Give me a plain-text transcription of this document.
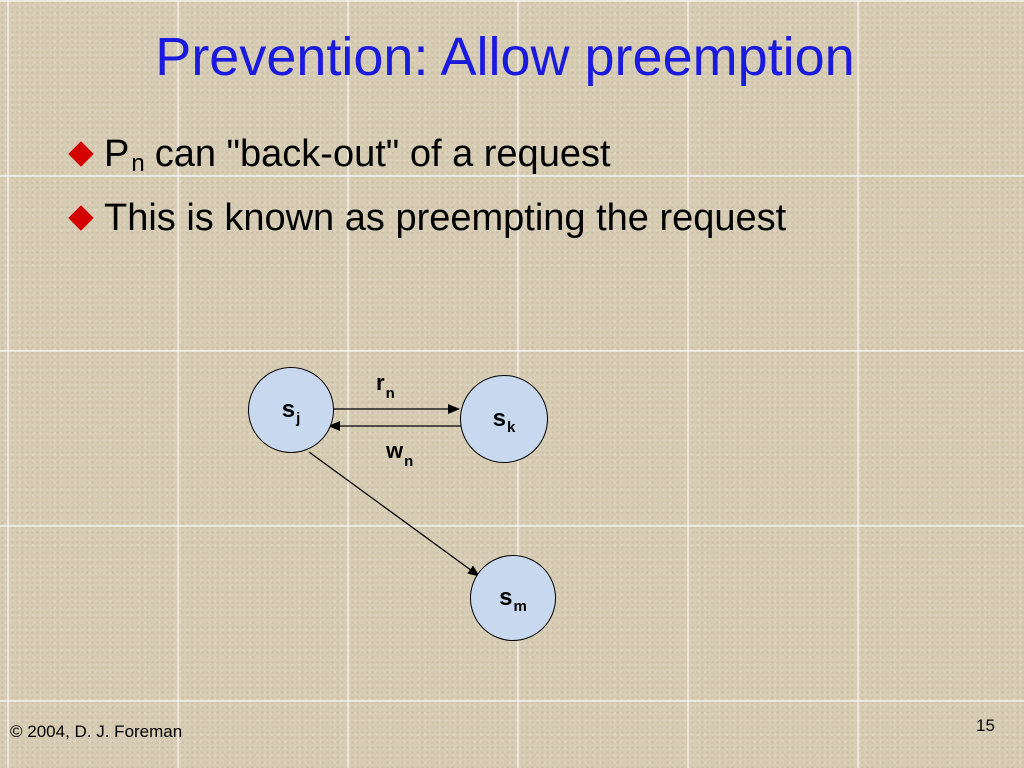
Prevention: Allow preemption
P n can "back-out" of a request
This is known as preempting the request
s j	s k
s m
$r_n$
$w_n$
© 2004, D. J. Foreman	15
